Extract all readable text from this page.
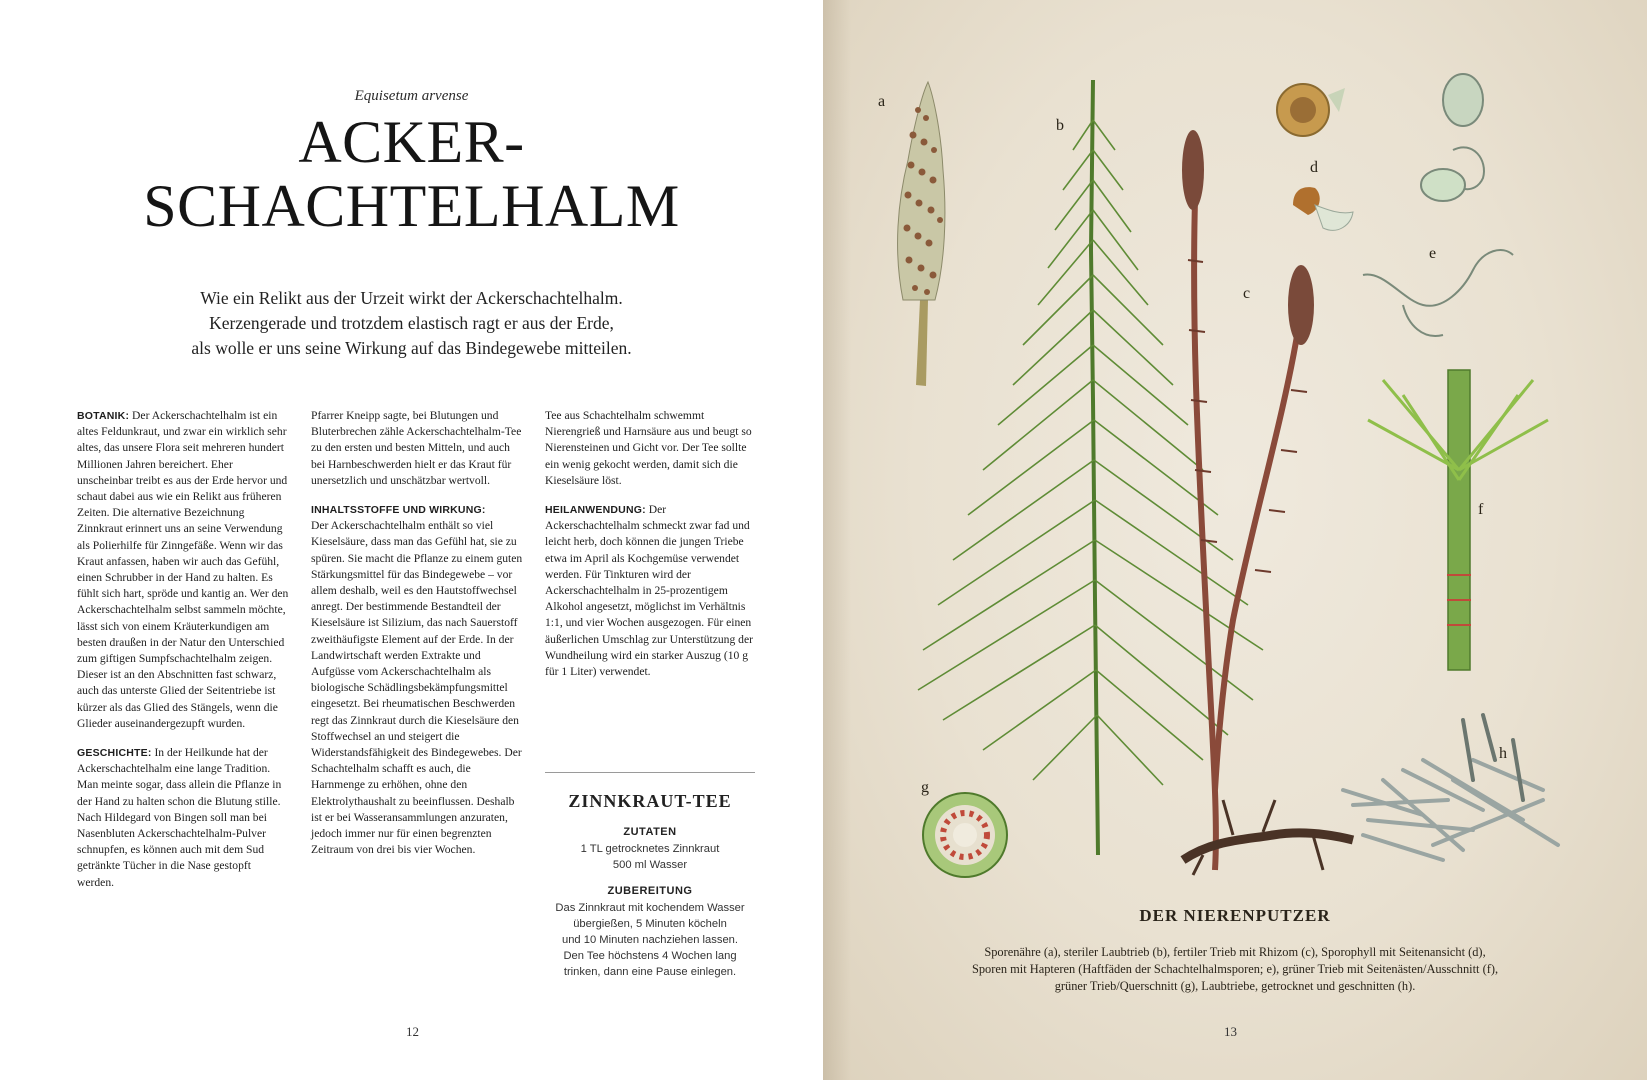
Equisetum arvense
ACKER-
SCHACHTELHALM
Wie ein Relikt aus der Urzeit wirkt der Ackerschachtelhalm.
Kerzengerade und trotzdem elastisch ragt er aus der Erde,
als wolle er uns seine Wirkung auf das Bindegewebe mitteilen.

BOTANIK: Der Ackerschachtelhalm ist ein altes Feldunkraut, und zwar ein wirklich sehr altes, das unsere Flora seit mehreren hundert Millionen Jahren bereichert. Eher unscheinbar treibt es aus der Erde hervor und schaut dabei aus wie ein Relikt aus früheren Zeiten. Die alternative Bezeichnung Zinnkraut erinnert uns an seine Verwendung als Polierhilfe für Zinngefäße. Wenn wir das Kraut anfassen, haben wir auch das Gefühl, einen Schrubber in der Hand zu halten. Es fühlt sich hart, spröde und kantig an. Wer den Ackerschachtelhalm selbst sammeln möchte, lässt sich von einem Kräuterkundigen am besten draußen in der Natur den Unterschied zum giftigen Sumpfschachtelhalm zeigen. Dieser ist an den Abschnitten fast schwarz, auch das unterste Glied der Seitentriebe ist kürzer als das Glied des Stängels, wenn die Glieder auseinandergezupft wurden.

GESCHICHTE: In der Heilkunde hat der Ackerschachtelhalm eine lange Tradition. Man meinte sogar, dass allein die Pflanze in der Hand zu halten schon die Blutung stille. Nach Hildegard von Bingen soll man bei Nasenbluten Ackerschachtelhalm-Pulver schnupfen, es können auch mit dem Sud getränkte Tücher in die Nase gestopft werden.

Pfarrer Kneipp sagte, bei Blutungen und Bluterbrechen zähle Ackerschachtelhalm-Tee zu den ersten und besten Mitteln, und auch bei Harnbeschwerden hielt er das Kraut für unersetzlich und unschätzbar wertvoll.

INHALTSSTOFFE UND WIRKUNG:
Der Ackerschachtelhalm enthält so viel Kieselsäure, dass man das Gefühl hat, sie zu spüren. Sie macht die Pflanze zu einem guten Stärkungsmittel für das Bindegewebe – vor allem deshalb, weil es den Hautstoffwechsel anregt. Der bestimmende Bestandteil der Kieselsäure ist Silizium, das nach Sauerstoff zweithäufigste Element auf der Erde. In der Landwirtschaft werden Extrakte und Aufgüsse vom Ackerschachtelhalm als biologische Schädlingsbekämpfungsmittel eingesetzt. Bei rheumatischen Beschwerden regt das Zinnkraut durch die Kieselsäure den Stoffwechsel an und steigert die Widerstandsfähigkeit des Bindegewebes. Der Schachtelhalm schafft es auch, die Harnmenge zu erhöhen, ohne den Elektrolythaushalt zu beeinflussen. Deshalb ist er bei Wasseransammlungen anzuraten, jedoch immer nur für einen begrenzten Zeitraum von drei bis vier Wochen.

Tee aus Schachtelhalm schwemmt Nierengrieß und Harnsäure aus und beugt so Nierensteinen und Gicht vor. Der Tee sollte ein wenig gekocht werden, damit sich die Kieselsäure löst.

HEILANWENDUNG: Der Ackerschachtelhalm schmeckt zwar fad und leicht herb, doch können die jungen Triebe etwa im April als Kochgemüse verwendet werden. Für Tinkturen wird der Ackerschachtelhalm in 25-prozentigem Alkohol angesetzt, möglichst im Verhältnis 1:1, und vier Wochen ausgezogen. Für einen äußerlichen Umschlag zur Unterstützung der Wundheilung wird ein starker Auszug (10 g für 1 Liter) verwendet.

ZINNKRAUT-TEE
ZUTATEN
1 TL getrocknetes Zinnkraut
500 ml Wasser
ZUBEREITUNG
Das Zinnkraut mit kochendem Wasser
übergießen, 5 Minuten köcheln
und 10 Minuten nachziehen lassen.
Den Tee höchstens 4 Wochen lang
trinken, dann eine Pause einlegen.
12
a
b
c
d
e
f
g
h
DER NIERENPUTZER
Sporenähre (a), steriler Laubtrieb (b), fertiler Trieb mit Rhizom (c), Sporophyll mit Seitenansicht (d),
Sporen mit Hapteren (Haftfäden der Schachtelhalmsporen; e), grüner Trieb mit Seitenästen/Ausschnitt (f),
grüner Trieb/Querschnitt (g), Laubtriebe, getrocknet und geschnitten (h).
13
